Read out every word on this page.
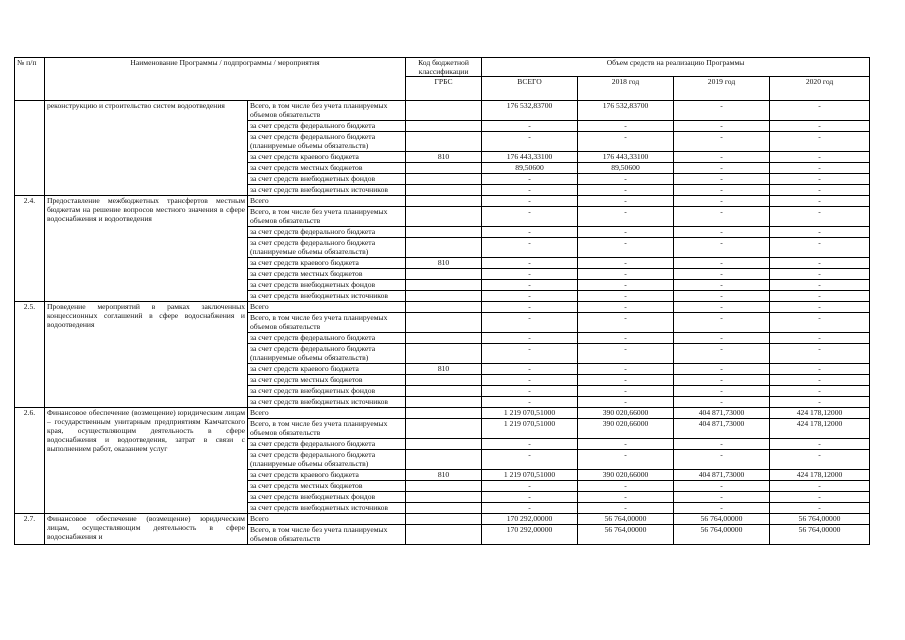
№ п/п	Наименование Программы / подпрограммы / мероприятия		Код бюджетной классификации	Объем средств на реализацию Программы			
			ГРБС	ВСЕГО	2018 год	2019 год	2020 год
	реконструкцию и строительство систем водоотведения	Всего, в том числе без учета планируемых объемов обязательств		176 532,83700	176 532,83700	-	-
		за счет средств федерального бюджета		-	-	-	-
		за счет средств федерального бюджета (планируемые объемы обязательств)		-	-	-	-
		за счет средств краевого бюджета	810	176 443,33100	176 443,33100	-	-
		за счет средств местных бюджетов		89,50600	89,50600	-	-
		за счет средств внебюджетных фондов		-	-	-	-
		за счет средств внебюджетных источников		-	-	-	-
2.4.	Предоставление межбюджетных трансфертов местным бюджетам на решение вопросов местного значения в сфере водоснабжения и водоотведения	Всего		-	-	-	-
		Всего, в том числе без учета планируемых объемов обязательств		-	-	-	-
		за счет средств федерального бюджета		-	-	-	-
		за счет средств федерального бюджета (планируемые объемы обязательств)		-	-	-	-
		за счет средств краевого бюджета	810	-	-	-	-
		за счет средств местных бюджетов		-	-	-	-
		за счет средств внебюджетных фондов		-	-	-	-
		за счет средств внебюджетных источников		-	-	-	-
2.5.	Проведение мероприятий в рамках заключенных концессионных соглашений в сфере водоснабжения и водоотведения	Всего		-	-	-	-
		Всего, в том числе без учета планируемых объемов обязательств		-	-	-	-
		за счет средств федерального бюджета		-	-	-	-
		за счет средств федерального бюджета (планируемые объемы обязательств)		-	-	-	-
		за счет средств краевого бюджета	810	-	-	-	-
		за счет средств местных бюджетов		-	-	-	-
		за счет средств внебюджетных фондов		-	-	-	-
		за счет средств внебюджетных источников		-	-	-	-
2.6.	Финансовое обеспечение (возмещение) юридическим лицам – государственным унитарным предприятиям Камчатского края, осуществляющим деятельность в сфере водоснабжения и водоотведения, затрат в связи с выполнением работ, оказанием услуг	Всего		1 219 070,51000	390 020,66000	404 871,73000	424 178,12000
		Всего, в том числе без учета планируемых объемов обязательств		1 219 070,51000	390 020,66000	404 871,73000	424 178,12000
		за счет средств федерального бюджета		-	-	-	-
		за счет средств федерального бюджета (планируемые объемы обязательств)		-	-	-	-
		за счет средств краевого бюджета	810	1 219 070,51000	390 020,66000	404 871,73000	424 178,12000
		за счет средств местных бюджетов		-	-	-	-
		за счет средств внебюджетных фондов		-	-	-	-
		за счет средств внебюджетных источников		-	-	-	-
2.7.	Финансовое обеспечение (возмещение) юридическим лицам, осуществляющим деятельность в сфере водоснабжения и	Всего		170 292,00000	56 764,00000	56 764,00000	56 764,00000
		Всего, в том числе без учета планируемых объемов обязательств		170 292,00000	56 764,00000	56 764,00000	56 764,00000
